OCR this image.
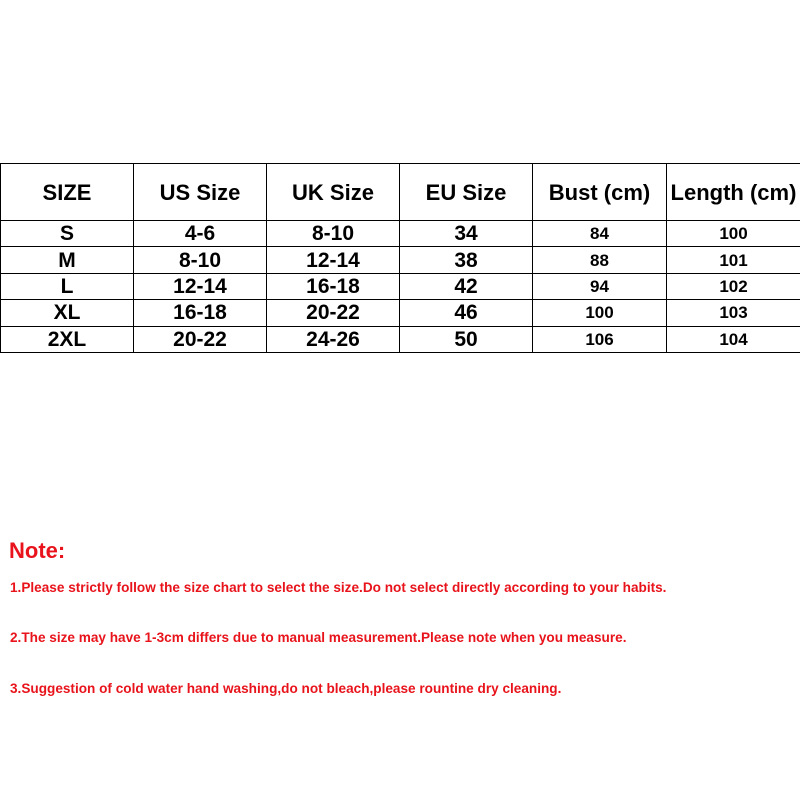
SIZE	US Size	UK Size	EU Size	Bust (cm)	Length (cm)
S	4-6	8-10	34	84	100
M	8-10	12-14	38	88	101
L	12-14	16-18	42	94	102
XL	16-18	20-22	46	100	103
2XL	20-22	24-26	50	106	104
Note:

1.Please strictly follow the size chart to select the size.Do not select directly according to your habits.

2.The size may have 1-3cm differs due to manual measurement.Please note when you measure.

3.Suggestion of cold water hand washing,do not bleach,please rountine dry cleaning.
